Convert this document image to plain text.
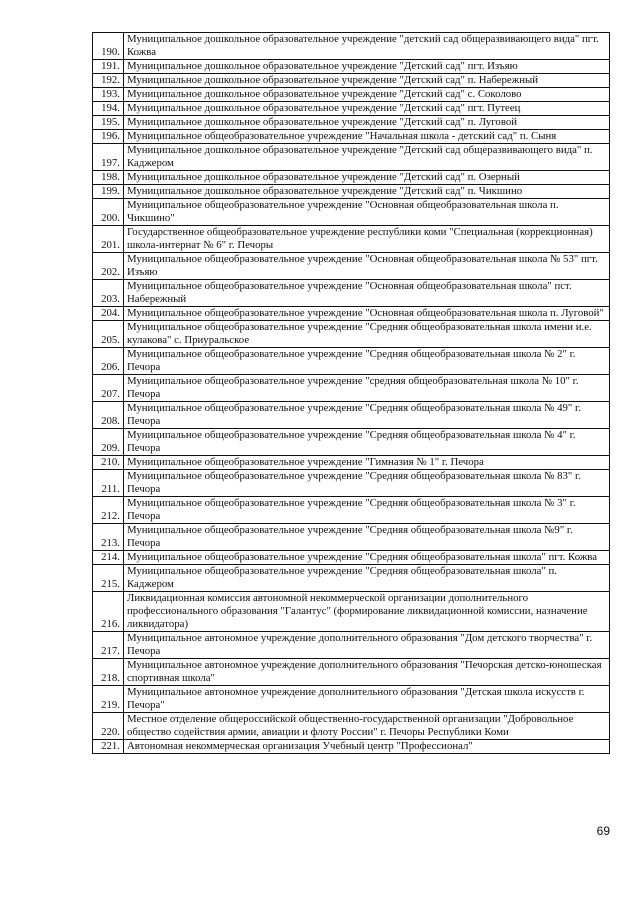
190.	Муниципальное дошкольное образовательное учреждение "детский сад общеразвивающего вида" пгт. Кожва
191.	Муниципальное дошкольное образовательное учреждение "Детский сад" пгт. Изъяю
192.	Муниципальное дошкольное образовательное учреждение "Детский сад" п. Набережный
193.	Муниципальное дошкольное образовательное учреждение "Детский сад" с. Соколово
194.	Муниципальное дошкольное образовательное учреждение "Детский сад" пгт. Путеец
195.	Муниципальное дошкольное образовательное учреждение "Детский сад" п. Луговой
196.	Муниципальное общеобразовательное учреждение "Начальная школа - детский сад" п. Сыня
197.	Муниципальное дошкольное образовательное учреждение "Детский сад общеразвивающего вида" п. Каджером
198.	Муниципальное дошкольное образовательное учреждение "Детский сад" п. Озерный
199.	Муниципальное дошкольное образовательное учреждение "Детский сад" п. Чикшино
200.	Муниципальное общеобразовательное учреждение "Основная общеобразовательная школа п. Чикшино"
201.	Государственное общеобразовательное учреждение республики коми "Специальная (коррекционная) школа-интернат № 6" г. Печоры
202.	Муниципальное общеобразовательное учреждение "Основная общеобразовательная школа № 53" пгт. Изъяю
203.	Муниципальное общеобразовательное учреждение "Основная общеобразовательная школа" пст. Набережный
204.	Муниципальное общеобразовательное учреждение "Основная общеобразовательная школа п. Луговой"
205.	Муниципальное общеобразовательное учреждение "Средняя общеобразовательная школа имени и.е. кулакова" с. Приуральское
206.	Муниципальное общеобразовательное учреждение "Средняя общеобразовательная школа № 2" г. Печора
207.	Муниципальное общеобразовательное учреждение "средняя общеобразовательная школа № 10" г. Печора
208.	Муниципальное общеобразовательное учреждение "Средняя общеобразовательная школа № 49" г. Печора
209.	Муниципальное общеобразовательное учреждение "Средняя общеобразовательная школа № 4" г. Печора
210.	Муниципальное общеобразовательное учреждение "Гимназия № 1" г. Печора
211.	Муниципальное общеобразовательное учреждение "Средняя общеобразовательная школа № 83" г. Печора
212.	Муниципальное общеобразовательное учреждение "Средняя общеобразовательная школа № 3" г. Печора
213.	Муниципальное общеобразовательное учреждение "Средняя общеобразовательная школа №9" г. Печора
214.	Муниципальное общеобразовательное учреждение "Средняя общеобразовательная школа" пгт. Кожва
215.	Муниципальное общеобразовательное учреждение "Средняя общеобразовательная школа" п. Каджером
216.	Ликвидационная комиссия автономной некоммерческой организации дополнительного профессионального образования "Галантус" (формирование ликвидационной комиссии, назначение ликвидатора)
217.	Муниципальное автономное учреждение дополнительного образования "Дом детского творчества" г. Печора
218.	Муниципальное автономное учреждение дополнительного образования "Печорская детско-юношеская спортивная школа"
219.	Муниципальное автономное учреждение дополнительного образования "Детская школа искусств г. Печора"
220.	Местное отделение общероссийской общественно-государственной организации "Добровольное общество содействия армии, авиации и флоту России" г. Печоры Республики Коми
221.	Автономная некоммерческая организация Учебный центр "Профессионал"
69
